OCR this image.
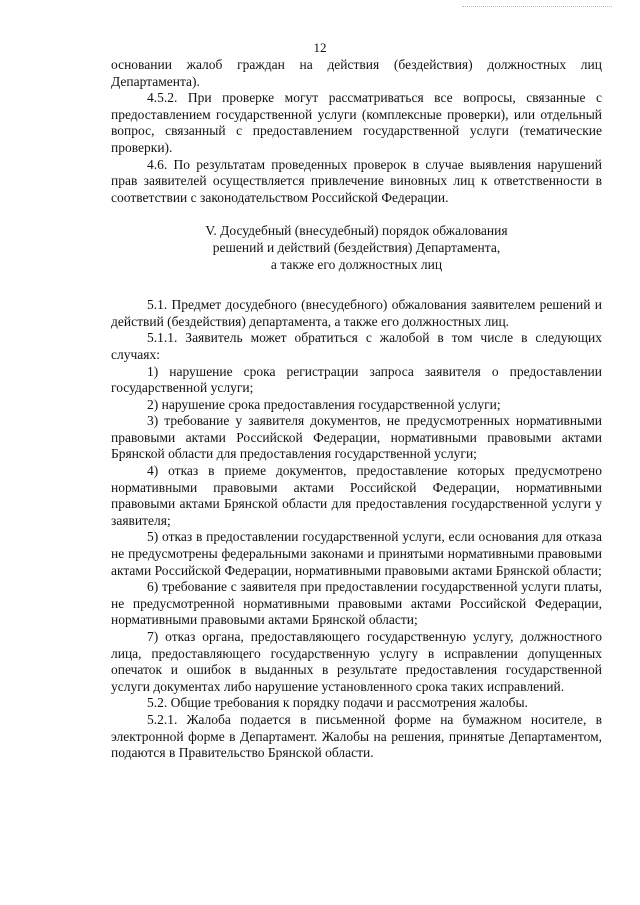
12

основании жалоб граждан на действия (бездействия) должностных лиц Департамента).

4.5.2. При проверке могут рассматриваться все вопросы, связанные с предоставлением государственной услуги (комплексные проверки), или отдельный вопрос, связанный с предоставлением государственной услуги (тематические проверки).

4.6. По результатам проведенных проверок в случае выявления нарушений прав заявителей осуществляется привлечение виновных лиц к ответственности в соответствии с законодательством Российской Федерации.

V. Досудебный (внесудебный) порядок обжалования
решений и действий (бездействия) Департамента,
а также его должностных лиц

5.1. Предмет досудебного (внесудебного) обжалования заявителем решений и действий (бездействия) департамента, а также его должностных лиц.

5.1.1. Заявитель может обратиться с жалобой в том числе в следующих случаях:

1) нарушение срока регистрации запроса заявителя о предоставлении государственной услуги;

2) нарушение срока предоставления государственной услуги;

3) требование у заявителя документов, не предусмотренных нормативными правовыми актами Российской Федерации, нормативными правовыми актами Брянской области для предоставления государственной услуги;

4) отказ в приеме документов, предоставление которых предусмотрено нормативными правовыми актами Российской Федерации, нормативными правовыми актами Брянской области для предоставления государственной услуги у заявителя;

5) отказ в предоставлении государственной услуги, если основания для отказа не предусмотрены федеральными законами и принятыми нормативными правовыми актами Российской Федерации, нормативными правовыми актами Брянской области;

6) требование с заявителя при предоставлении государственной услуги платы, не предусмотренной нормативными правовыми актами Российской Федерации, нормативными правовыми актами Брянской области;

7) отказ органа, предоставляющего государственную услугу, должностного лица, предоставляющего государственную услугу в исправлении допущенных опечаток и ошибок в выданных в результате предоставления государственной услуги документах либо нарушение установленного срока таких исправлений.

5.2. Общие требования к порядку подачи и рассмотрения жалобы.

5.2.1. Жалоба подается в письменной форме на бумажном носителе, в электронной форме в Департамент. Жалобы на решения, принятые Департаментом, подаются в Правительство Брянской области.
